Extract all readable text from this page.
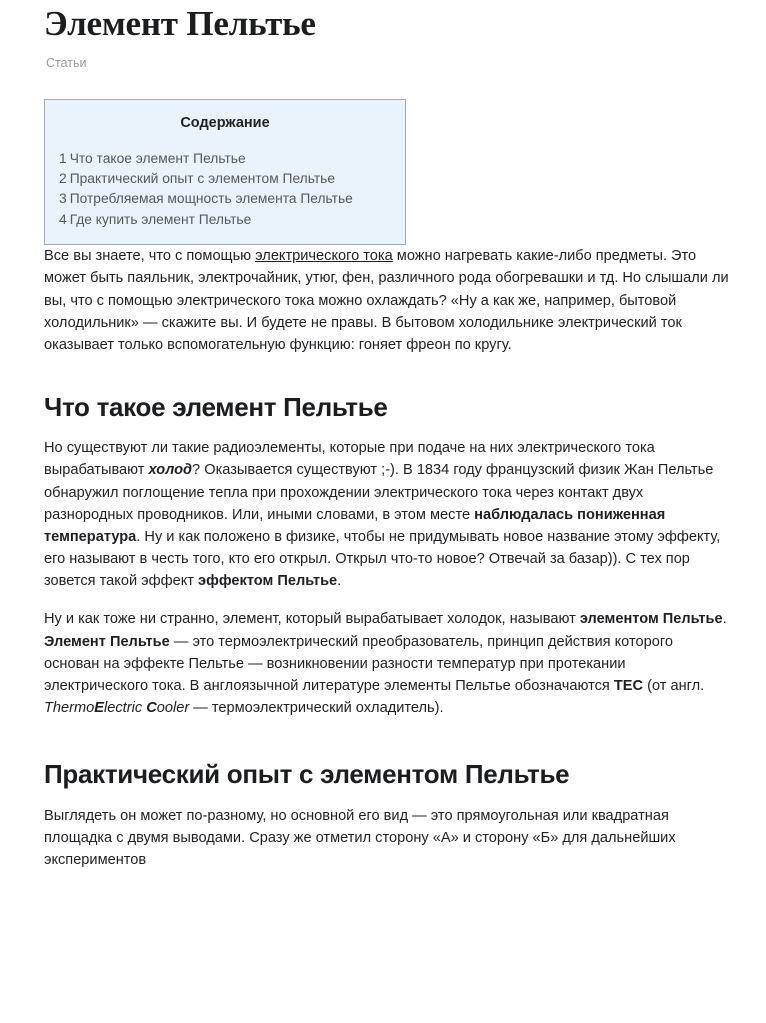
Элемент Пельтье
Статьи
Содержание
1 Что такое элемент Пельтье
2 Практический опыт с элементом Пельтье
3 Потребляемая мощность элемента Пельтье
4 Где купить элемент Пельтье

Все вы знаете, что с помощью электрического тока можно нагревать какие-либо предметы. Это может быть паяльник, электрочайник, утюг, фен, различного рода обогревашки и тд. Но слышали ли вы, что с помощью электрического тока можно охлаждать? «Ну а как же, например, бытовой холодильник» — скажите вы. И будете не правы. В бытовом холодильнике электрический ток оказывает только вспомогательную функцию: гоняет фреон по кругу.

Что такое элемент Пельтье

Но существуют ли такие радиоэлементы, которые при подаче на них электрического тока вырабатывают холод? Оказывается существуют ;-). В 1834 году французский физик Жан Пельтье обнаружил поглощение тепла при прохождении электрического тока через контакт двух разнородных проводников. Или, иными словами, в этом месте наблюдалась пониженная температура. Ну и как положено в физике, чтобы не придумывать новое название этому эффекту, его называют в честь того, кто его открыл. Открыл что-то новое? Отвечай за базар)). С тех пор зовется такой эффект эффектом Пельтье.

Ну и как тоже ни странно, элемент, который вырабатывает холодок, называют элементом Пельтье. Элемент Пельтье — это термоэлектрический преобразователь, принцип действия которого основан на эффекте Пельтье — возникновении разности температур при протекании электрического тока. В англоязычной литературе элементы Пельтье обозначаются TEC (от англ. ThermoElectric Cooler — термоэлектрический охладитель).

Практический опыт с элементом Пельтье

Выглядеть он может по-разному, но основной его вид — это прямоугольная или квадратная площадка с двумя выводами. Сразу же отметил сторону «А» и сторону «Б» для дальнейших экспериментов
